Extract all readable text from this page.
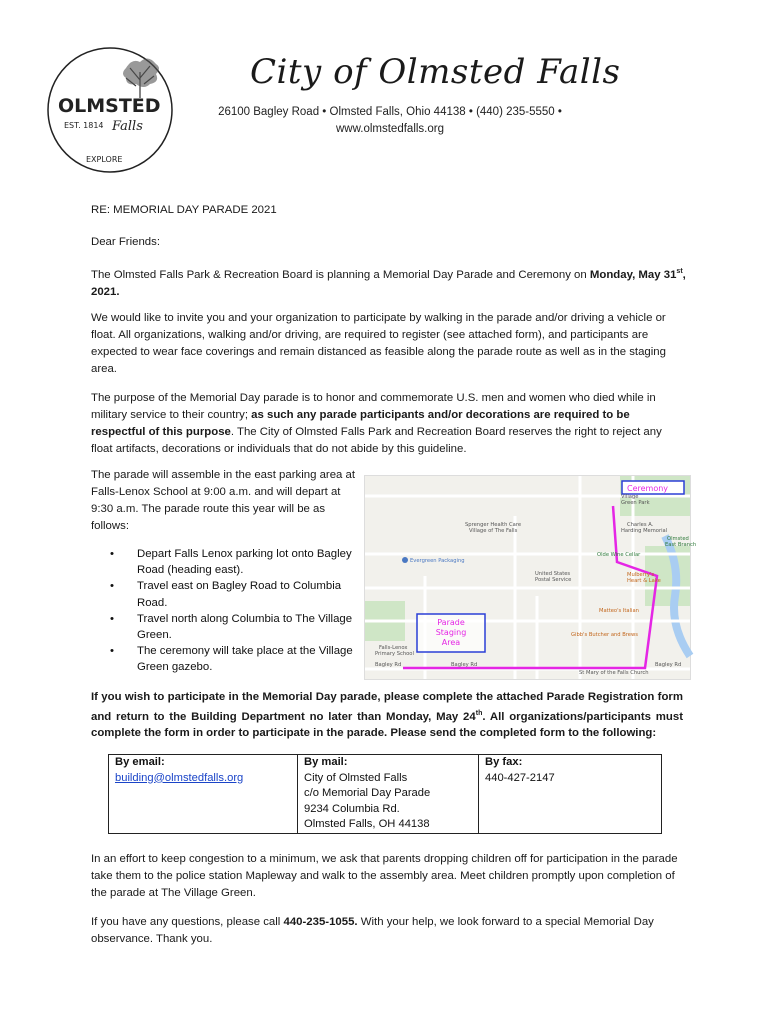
OLMSTED
EST. 1814 Falls
EXPLORE
City of Olmsted Falls
26100 Bagley Road • Olmsted Falls, Ohio 44138 • (440) 235-5550 •
www.olmstedfalls.org
RE: MEMORIAL DAY PARADE 2021
Dear Friends:
The Olmsted Falls Park & Recreation Board is planning a Memorial Day Parade and Ceremony on Monday, May 31st, 2021.
We would like to invite you and your organization to participate by walking in the parade and/or driving a vehicle or float. All organizations, walking and/or driving, are required to register (see attached form), and participants are expected to wear face coverings and remain distanced as feasible along the parade route as well as in the staging area.
The purpose of the Memorial Day parade is to honor and commemorate U.S. men and women who died while in military service to their country; as such any parade participants and/or decorations are required to be respectful of this purpose. The City of Olmsted Falls Park and Recreation Board reserves the right to reject any float artifacts, decorations or individuals that do not abide by this guideline.
The parade will assemble in the east parking area at Falls-Lenox School at 9:00 a.m. and will depart at 9:30 a.m. The parade route this year will be as follows:
• Depart Falls Lenox parking lot onto Bagley Road (heading east).
• Travel east on Bagley Road to Columbia Road.
• Travel north along Columbia to The Village Green.
• The ceremony will take place at the Village Green gazebo.
Ceremony
Parade
Staging
Area
Evergreen Packaging
Sprenger Health Care
Village of The Falls
United States
Postal Service
Olde Wine Cellar
Village
Green Park
Charles A.
Harding Memorial
Mulberry's
Heart & Lake
Matteo's Italian
Gibb's Butcher and Brews
Falls-Lenox
Primary School
Bagley Rd	Bagley Rd	Bagley Rd
St Mary of the Falls Church
Olmsted
East Branch
If you wish to participate in the Memorial Day parade, please complete the attached Parade Registration form and return to the Building Department no later than Monday, May 24th. All organizations/participants must complete the form in order to participate in the parade. Please send the completed form to the following:
By email:
building@olmstedfalls.org	
By mail:
City of Olmsted Falls
c/o Memorial Day Parade
9234 Columbia Rd.
Olmsted Falls, OH 44138

By fax:
440-427-2147
In an effort to keep congestion to a minimum, we ask that parents dropping children off for participation in the parade take them to the police station Mapleway and walk to the assembly area. Meet children promptly upon completion of the parade at The Village Green.
If you have any questions, please call 440-235-1055. With your help, we look forward to a special Memorial Day observance. Thank you.
